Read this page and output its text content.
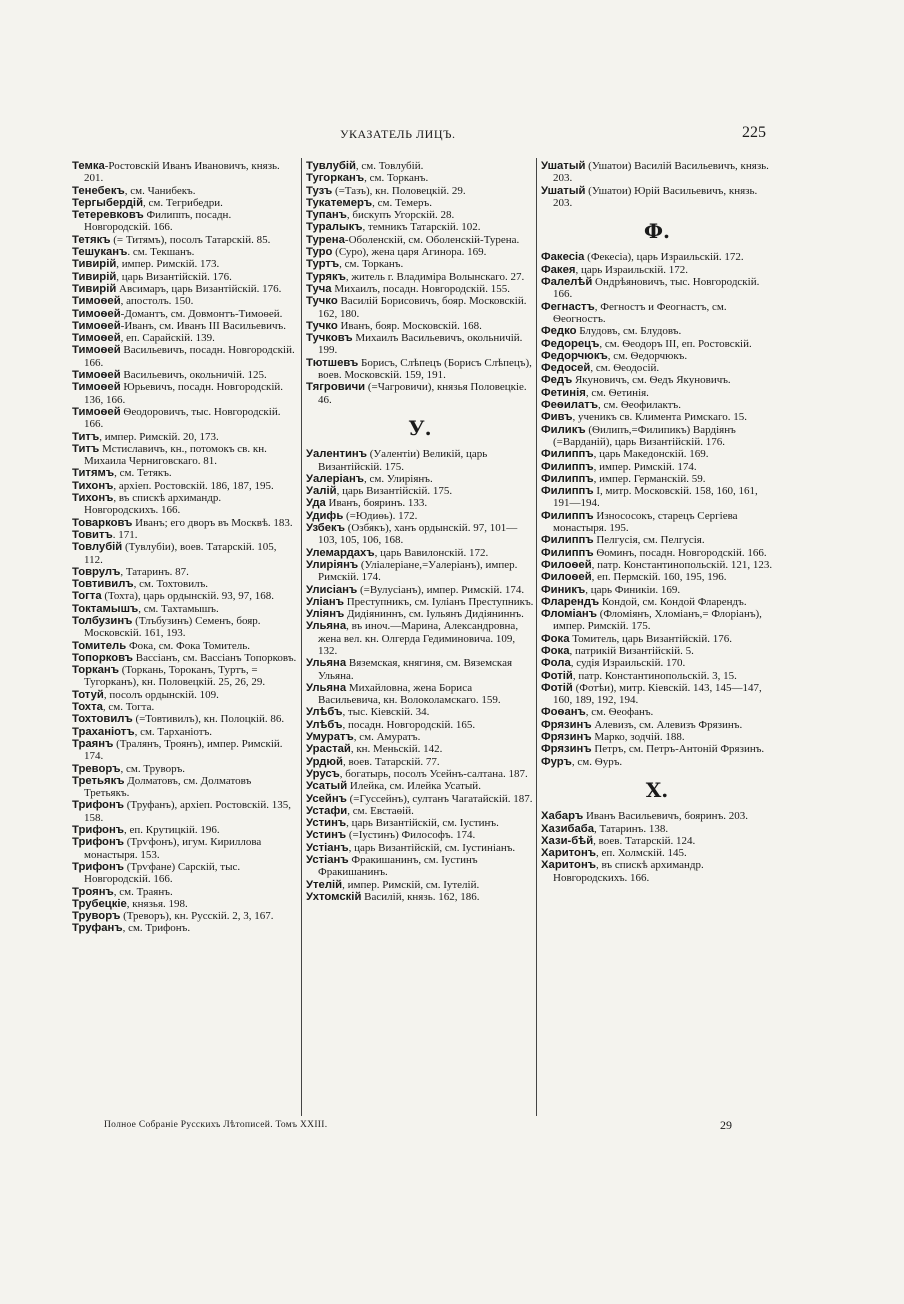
УКАЗАТЕЛЬ ЛИЦЪ.	225

Темка-Ростовскій Иванъ Ивановичъ, князь. 201.

Тенебекъ, см. Чанибекъ.

Тергыбердій, см. Тегрибедри.

Тетеревковъ Филиппъ, посадн. Новгородскій. 166.

Тетякъ (= Титямъ), посолъ Татарскій. 85.

Тешуканъ. см. Текшанъ.

Тивирій, импер. Римскій. 173.

Тивирій, царь Византійскій. 176.

Тивирій Авсимаръ, царь Византійскій. 176.

Тимоѳей, апостолъ. 150.

Тимоѳей-Домантъ, см. Довмонтъ-Тимоѳей.

Тимоѳей-Иванъ, см. Иванъ III Васильевичъ.

Тимоѳей, еп. Сарайскій. 139.

Тимоѳей Васильевичъ, посадн. Новгородскій. 166.

Тимоѳей Васильевичъ, окольничій. 125.

Тимоѳей Юрьевичъ, посадн. Новгородскій. 136, 166.

Тимоѳей Ѳеодоровичъ, тыс. Новгородскій. 166.

Титъ, импер. Римскій. 20, 173.

Титъ Мстиславичъ, кн., потомокъ св. кн. Михаила Черниговскаго. 81.

Титямъ, см. Тетякъ.

Тихонъ, архіеп. Ростовскій. 186, 187, 195.

Тихонъ, въ спискѣ архимандр. Новгородскихъ. 166.

Товарковъ Иванъ; его дворъ въ Москвѣ. 183.

Товитъ. 171.

Товлубій (Тувлубіи), воев. Татарскій. 105, 112.

Товрулъ, Татаринъ. 87.

Товтивилъ, см. Тохтовилъ.

Тогта (Тохта), царь ордынскій. 93, 97, 168.

Токтамышъ, см. Тахтамышъ.

Толбузинъ (Тлъбузинъ) Семенъ, бояр. Московскій. 161, 193.

Томитель Фока, см. Фока Томитель.

Топорковъ Вассіанъ, см. Вассіанъ Топорковъ.

Торканъ (Торкань, Тороканъ, Туртъ, = Тугорканъ), кн. Половецкій. 25, 26, 29.

Тотуй, посолъ ордынскій. 109.

Тохта, см. Тогта.

Тохтовилъ (=Товтивилъ), кн. Полоцкій. 86.

Траханіотъ, см. Тарханіотъ.

Траянъ (Тралянъ, Троянъ), импер. Римскій. 174.

Треворъ, см. Труворъ.

Третьякъ Долматовъ, см. Долматовъ Третьякъ.

Трифонъ (Труфанъ), архіеп. Ростовскій. 135, 158.

Трифонъ, еп. Крутицкій. 196.

Трифонъ (Трѵфонъ), игум. Кириллова монастыря. 153.

Трифонъ (Трѵфане) Сарскій, тыс. Новгородскій. 166.

Троянъ, см. Траянъ.

Трубецкіе, князья. 198.

Труворъ (Треворъ), кн. Русскій. 2, 3, 167.

Труфанъ, см. Трифонъ.

Тувлубій, см. Товлубій.

Тугорканъ, см. Торканъ.

Тузъ (=Тазъ), кн. Половецкій. 29.

Тукатемеръ, см. Темеръ.

Тупанъ, бискупъ Угорскій. 28.

Туралыкъ, темникъ Татарскій. 102.

Турена-Оболенскій, см. Оболенскій-Турена.

Туро (Суро), жена царя Агинора. 169.

Туртъ, см. Торканъ.

Турякъ, житель г. Владиміра Волынскаго. 27.

Туча Михаилъ, посадн. Новгородскій. 155.

Тучко Василій Борисовичъ, бояр. Московскій. 162, 180.

Тучко Иванъ, бояр. Московскій. 168.

Тучковъ Михаилъ Васильевичъ, окольничій. 199.

Тютшевъ Борисъ, Слѣпецъ (Борисъ Слѣпецъ), воев. Московскій. 159, 191.

Тягровичи (=Чагровичи), князья Половецкіе. 46.

У.

Уалентинъ (Уалентіи) Великій, царь Византійскій. 175.

Уалеріанъ, см. Улиріянъ.

Уалій, царь Византійскій. 175.

Уда Иванъ, бояринъ. 133.

Удифь (=Юдиѳь). 172.

Узбекъ (Озбякъ), ханъ ордынскій. 97, 101—103, 105, 106, 168.

Улемардахъ, царь Вавилонскій. 172.

Улиріянъ (Уліалеріане,=Уалеріанъ), импер. Римскій. 174.

Улисіанъ (=Вулусіанъ), импер. Римскій. 174.

Уліанъ Преступникъ, см. Іуліанъ Преступникъ.

Уліянъ Дидіяниннъ, см. Іульянъ Дидіяниннъ.

Ульяна, въ иноч.—Марина, Александровна, жена вел. кн. Олгерда Гедиминовича. 109, 132.

Ульяна Вяземская, княгиня, см. Вяземская Ульяна.

Ульяна Михайловна, жена Бориса Васильевича, кн. Волоколамскаго. 159.

Улѣбъ, тыс. Кіевскій. 34.

Улѣбъ, посадн. Новгородскій. 165.

Умуратъ, см. Амуратъ.

Урастай, кн. Меньскій. 142.

Урдюй, воев. Татарскій. 77.

Урусъ, богатырь, посолъ Усейнъ-салтана. 187.

Усатый Илейка, см. Илейка Усатый.

Усейнъ (=Гуссейнъ), султанъ Чагатайскій. 187.

Устафи, см. Евстаѳій.

Устинъ, царь Византійскій, см. Іустинъ.

Устинъ (=Іустинъ) Философъ. 174.

Устіанъ, царь Византійскій, см. Іустиніанъ.

Устіанъ Фракишанинъ, см. Іустинъ Фракишанинъ.

Утелій, импер. Римскій, см. Іутелій.

Ухтомскій Василій, князь. 162, 186.

Ушатый (Ушатои) Василій Васильевичъ, князь. 203.

Ушатый (Ушатои) Юрій Васильевичъ, князь. 203.

Ф.

Факесіа (Фекесіа), царь Израильскій. 172.

Факея, царь Израильскій. 172.

Фалелѣй Ондрѣяновичъ, тыс. Новгородскій. 166.

Фегнастъ, Фегностъ и Феогнастъ, см. Ѳеогностъ.

Федко Блудовъ, см. Блудовъ.

Федорецъ, см. Ѳеодоръ III, еп. Ростовскій.

Федорчюкъ, см. Ѳедорчюкъ.

Федосей, см. Ѳеодосій.

Федъ Якуновичъ, см. Ѳедъ Якуновичъ.

Фетинія, см. Ѳетинія.

Феѳилатъ, см. Ѳеофилактъ.

Фивъ, ученикъ св. Климента Римскаго. 15.

Филикъ (Ѳилипъ,=Филипикъ) Вардіянъ (=Варданій), царь Византійскій. 176.

Филиппъ, царь Македонскій. 169.

Филиппъ, импер. Римскій. 174.

Филиппъ, импер. Германскій. 59.

Филиппъ I, митр. Московскій. 158, 160, 161, 191—194.

Филиппъ Износосокъ, старецъ Сергіева монастыря. 195.

Филиппъ Пелгусія, см. Пелгусія.

Филиппъ Ѳоминъ, посадн. Новгородскій. 166.

Филоѳей, патр. Константинопольскій. 121, 123.

Филоѳей, еп. Пермскій. 160, 195, 196.

Финикъ, царь Финикіи. 169.

Фларендъ Кондой, см. Кондой Фларендъ.

Фломіанъ (Фломіянъ, Хломіанъ,= Флоріанъ), импер. Римскій. 175.

Фока Томитель, царь Византійскій. 176.

Фока, патрикій Византійскій. 5.

Фола, судія Израильскій. 170.

Фотій, патр. Константинопольскій. 3, 15.

Фотій (Фотѣи), митр. Кіевскій. 143, 145—147, 160, 189, 192, 194.

Фоѳанъ, см. Ѳеофанъ.

Фрязинъ Алевизъ, см. Алевизъ Фрязинъ.

Фрязинъ Марко, зодчій. 188.

Фрязинъ Петръ, см. Петръ-Антоній Фрязинъ.

Фуръ, см. Ѳуръ.

Х.

Хабаръ Иванъ Васильевичъ, бояринъ. 203.

Хазибаба, Татаринъ. 138.

Хази-бѣй, воев. Татарскій. 124.

Харитонъ, еп. Холмскій. 145.

Харитонъ, въ спискѣ архимандр. Новгородскихъ. 166.

Полное Собраніе Русскихъ Лѣтописей. Томъ XXIII.	29
